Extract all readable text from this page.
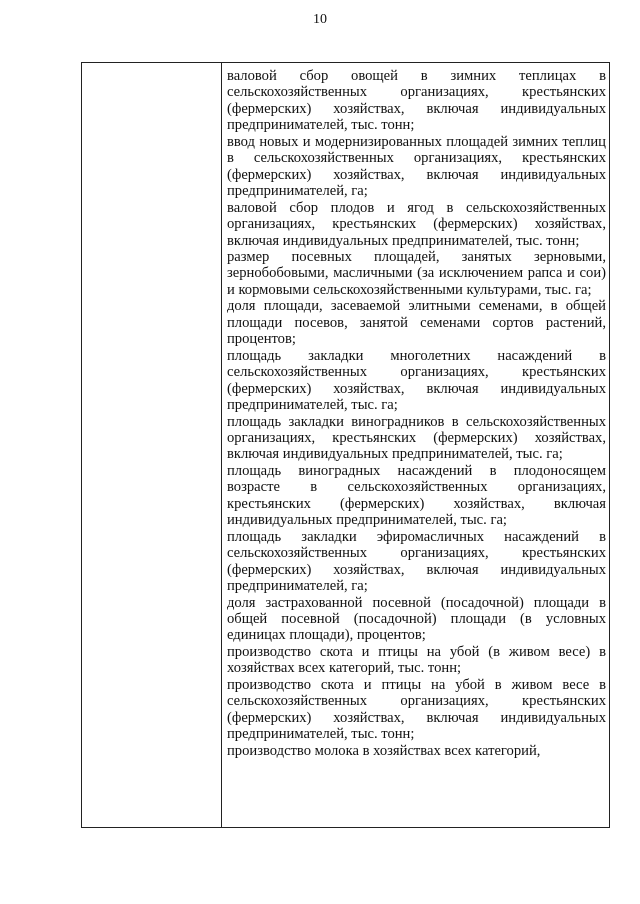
10

валовой сбор овощей в зимних теплицах в сельскохозяйственных организациях, крестьянских (фермерских) хозяйствах, включая индивидуальных предпринимателей, тыс. тонн;

ввод новых и модернизированных площадей зимних теплиц в сельскохозяйственных организациях, крестьянских (фермерских) хозяйствах, включая индивидуальных предпринимателей, га;

валовой сбор плодов и ягод в сельскохозяйственных организациях, крестьянских (фермерских) хозяйствах, включая индивидуальных предпринимателей, тыс. тонн;

размер посевных площадей, занятых зерновыми, зернобобовыми, масличными (за исключением рапса и сои) и кормовыми сельскохозяйственными культурами, тыс. га;

доля площади, засеваемой элитными семенами, в общей площади посевов, занятой семенами сортов растений, процентов;

площадь закладки многолетних насаждений в сельскохозяйственных организациях, крестьянских (фермерских) хозяйствах, включая индивидуальных предпринимателей, тыс. га;

площадь закладки виноградников в сельскохозяйственных организациях, крестьянских (фермерских) хозяйствах, включая индивидуальных предпринимателей, тыс. га;

площадь виноградных насаждений в плодоносящем возрасте в сельскохозяйственных организациях, крестьянских (фермерских) хозяйствах, включая индивидуальных предпринимателей, тыс. га;

площадь закладки эфиромасличных насаждений в сельскохозяйственных организациях, крестьянских (фермерских) хозяйствах, включая индивидуальных предпринимателей, га;

доля застрахованной посевной (посадочной) площади в общей посевной (посадочной) площади (в условных единицах площади), процентов;

производство скота и птицы на убой (в живом весе) в хозяйствах всех категорий, тыс. тонн;

производство скота и птицы на убой в живом весе в сельскохозяйственных организациях, крестьянских (фермерских) хозяйствах, включая индивидуальных предпринимателей, тыс. тонн;

производство молока в хозяйствах всех категорий,
